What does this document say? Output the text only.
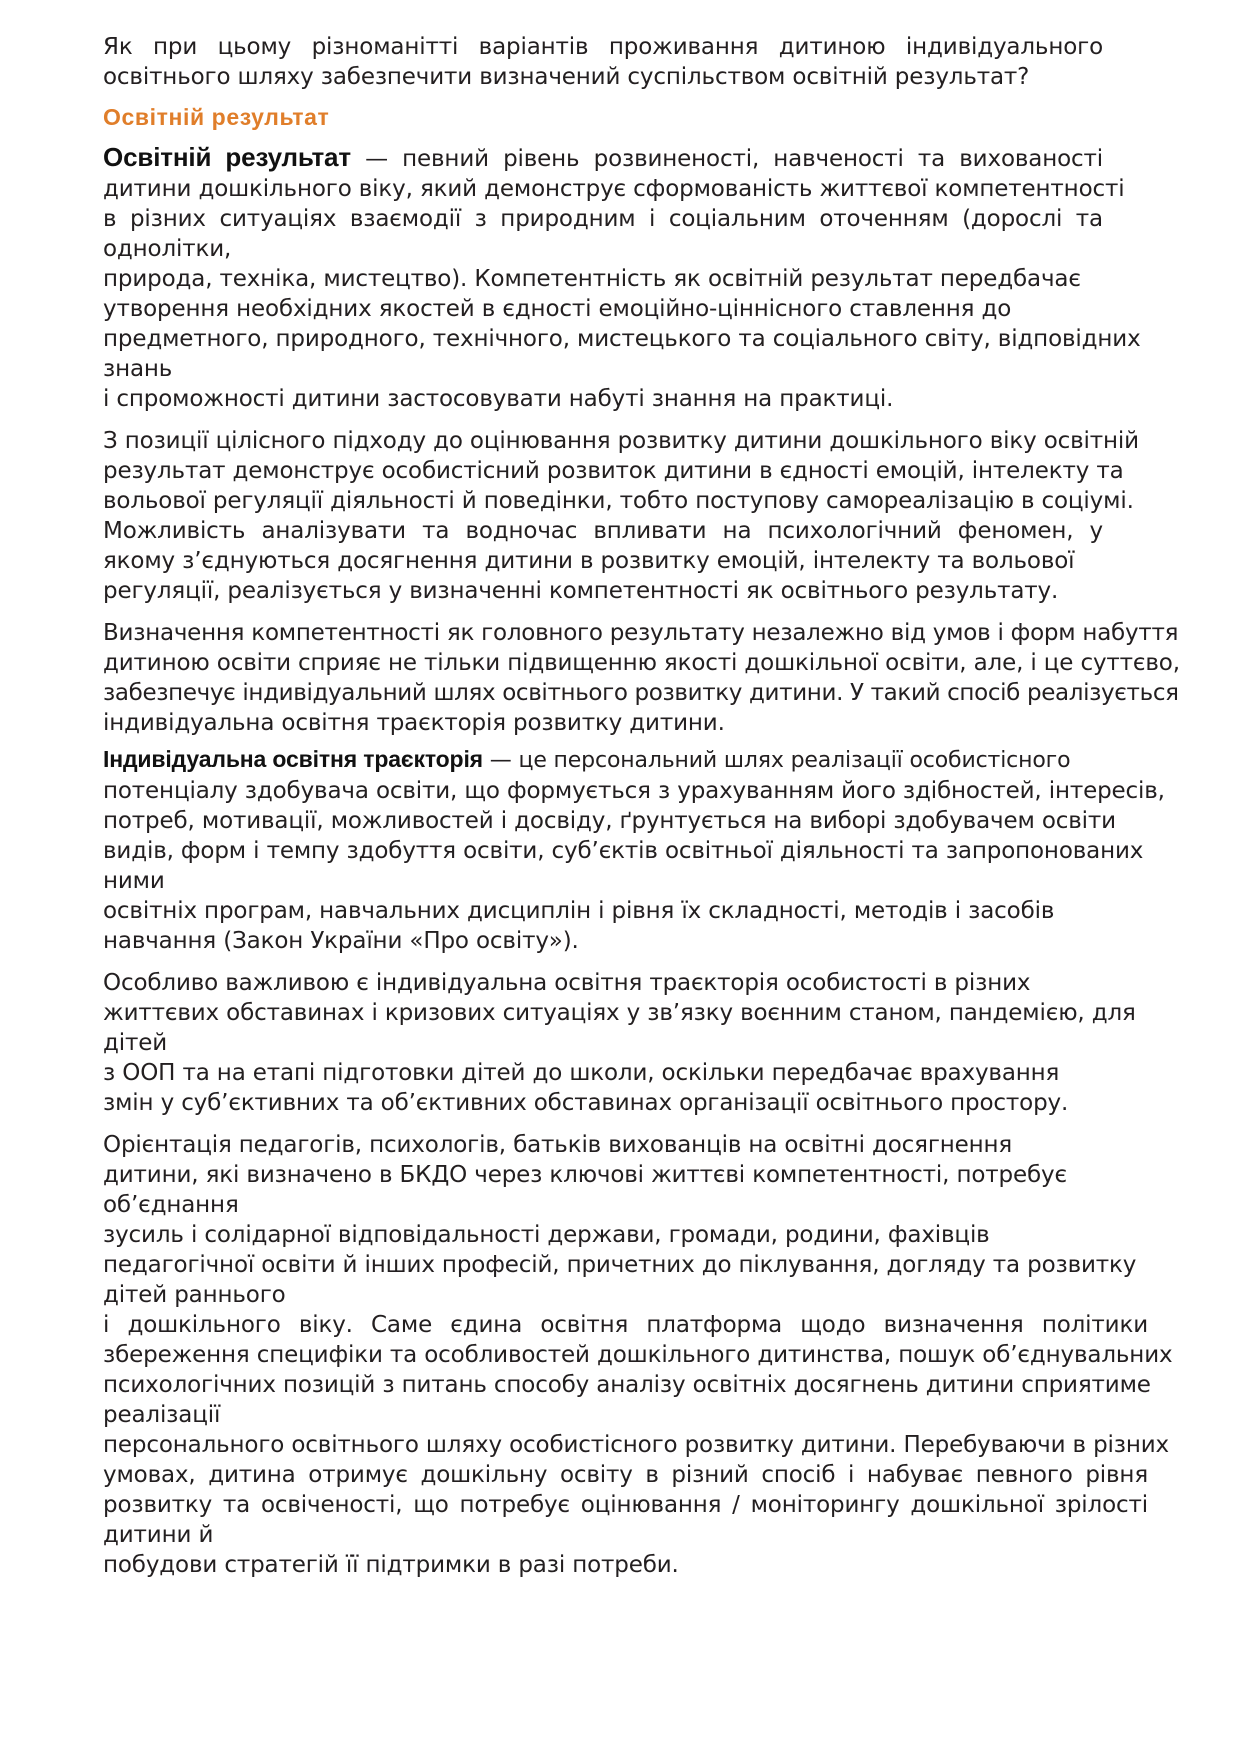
Як при цьому різноманітті варіантів проживання дитиною індивідуального
освітнього шляху забезпечити визначений суспільством освітній результат?
Освітній результат
Освітній результат — певний рівень розвиненості, навченості та вихованості
дитини дошкільного віку, який демонструє сформованість життєвої компетентності
в різних ситуаціях взаємодії з природним і соціальним оточенням (дорослі та
однолітки,
природа, техніка, мистецтво). Компетентність як освітній результат передбачає
утворення необхідних якостей в єдності емоційно-ціннісного ставлення до
предметного, природного, технічного, мистецького та соціального світу, відповідних
знань
і спроможності дитини застосовувати набуті знання на практиці.
З позиції цілісного підходу до оцінювання розвитку дитини дошкільного віку освітній
результат демонструє особистісний розвиток дитини в єдності емоцій, інтелекту та
вольової регуляції діяльності й поведінки, тобто поступову самореалізацію в соціумі.
Можливість аналізувати та водночас впливати на психологічний феномен, у
якому з’єднуються досягнення дитини в розвитку емоцій, інтелекту та вольової
регуляції, реалізується у визначенні компетентності як освітнього результату.
Визначення компетентності як головного результату незалежно від умов і форм набуття
дитиною освіти сприяє не тільки підвищенню якості дошкільної освіти, але, і це суттєво,
забезпечує індивідуальний шлях освітнього розвитку дитини. У такий спосіб реалізується
індивідуальна освітня траєкторія розвитку дитини.
Індивідуальна освітня траєкторія — це персональний шлях реалізації особистісного
потенціалу здобувача освіти, що формується з урахуванням його здібностей, інтересів,
потреб, мотивації, можливостей і досвіду, ґрунтується на виборі здобувачем освіти
видів, форм і темпу здобуття освіти, суб’єктів освітньої діяльності та запропонованих
ними
освітніх програм, навчальних дисциплін і рівня їх складності, методів і засобів
навчання (Закон України «Про освіту»).
Особливо важливою є індивідуальна освітня траєкторія особистості в різних
життєвих обставинах і кризових ситуаціях у зв’язку воєнним станом, пандемією, для
дітей
з ООП та на етапі підготовки дітей до школи, оскільки передбачає врахування
змін у суб’єктивних та об’єктивних обставинах організації освітнього простору.
Орієнтація педагогів, психологів, батьків вихованців на освітні досягнення
дитини, які визначено в БКДО через ключові життєві компетентності, потребує
об’єднання
зусиль і солідарної відповідальності держави, громади, родини, фахівців
педагогічної освіти й інших професій, причетних до піклування, догляду та розвитку
дітей раннього
і дошкільного віку. Саме єдина освітня платформа щодо визначення політики
збереження специфіки та особливостей дошкільного дитинства, пошук об’єднувальних
психологічних позицій з питань способу аналізу освітніх досягнень дитини сприятиме
реалізації
персонального освітнього шляху особистісного розвитку дитини. Перебуваючи в різних
умовах, дитина отримує дошкільну освіту в різний спосіб і набуває певного рівня
розвитку та освіченості, що потребує оцінювання / моніторингу дошкільної зрілості
дитини й
побудови стратегій її підтримки в разі потреби.
